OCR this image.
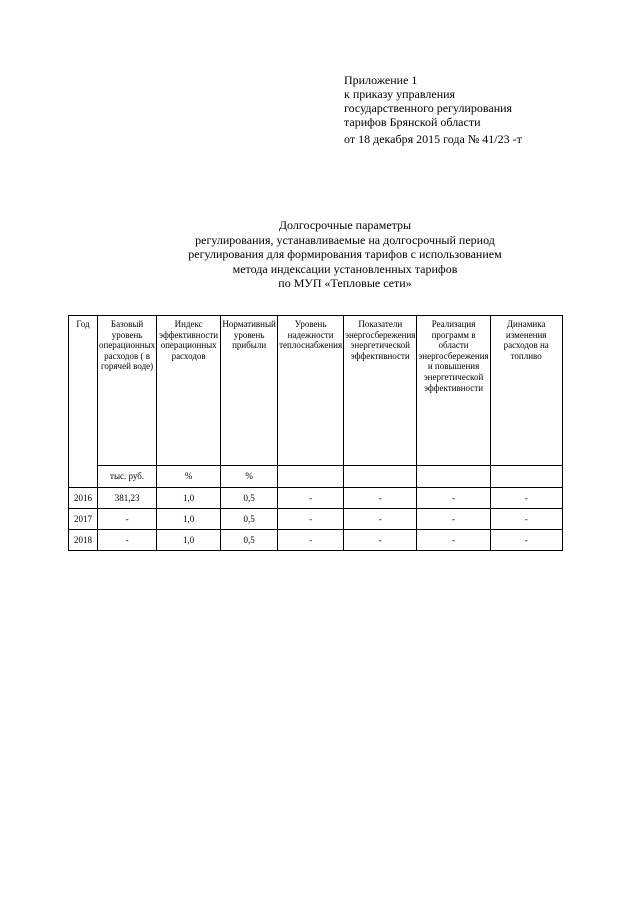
Приложение 1
к приказу управления
государственного регулирования
тарифов Брянской области
от 18 декабря 2015 года № 41/23 -т
Долгосрочные параметры
регулирования, устанавливаемые на долгосрочный период
регулирования для формирования тарифов с использованием
метода индексации установленных тарифов
по МУП «Тепловые сети»
Год	Базовый уровень операционных расходов ( в горячей воде)	Индекс эффективности операционных расходов	Нормативный уровень прибыли	Уровень надежности теплоснабжения	Показатели энергосбережения энергетической эффективности	Реализация программ в области энергосбережения и повышения энергетической эффективности	Динамика изменения расходов на топливо
	тыс. руб.	%	%				
2016	381,23	1,0	0,5	-	-	-	-
2017	-	1,0	0,5	-	-	-	-
2018	-	1,0	0,5	-	-	-	-
